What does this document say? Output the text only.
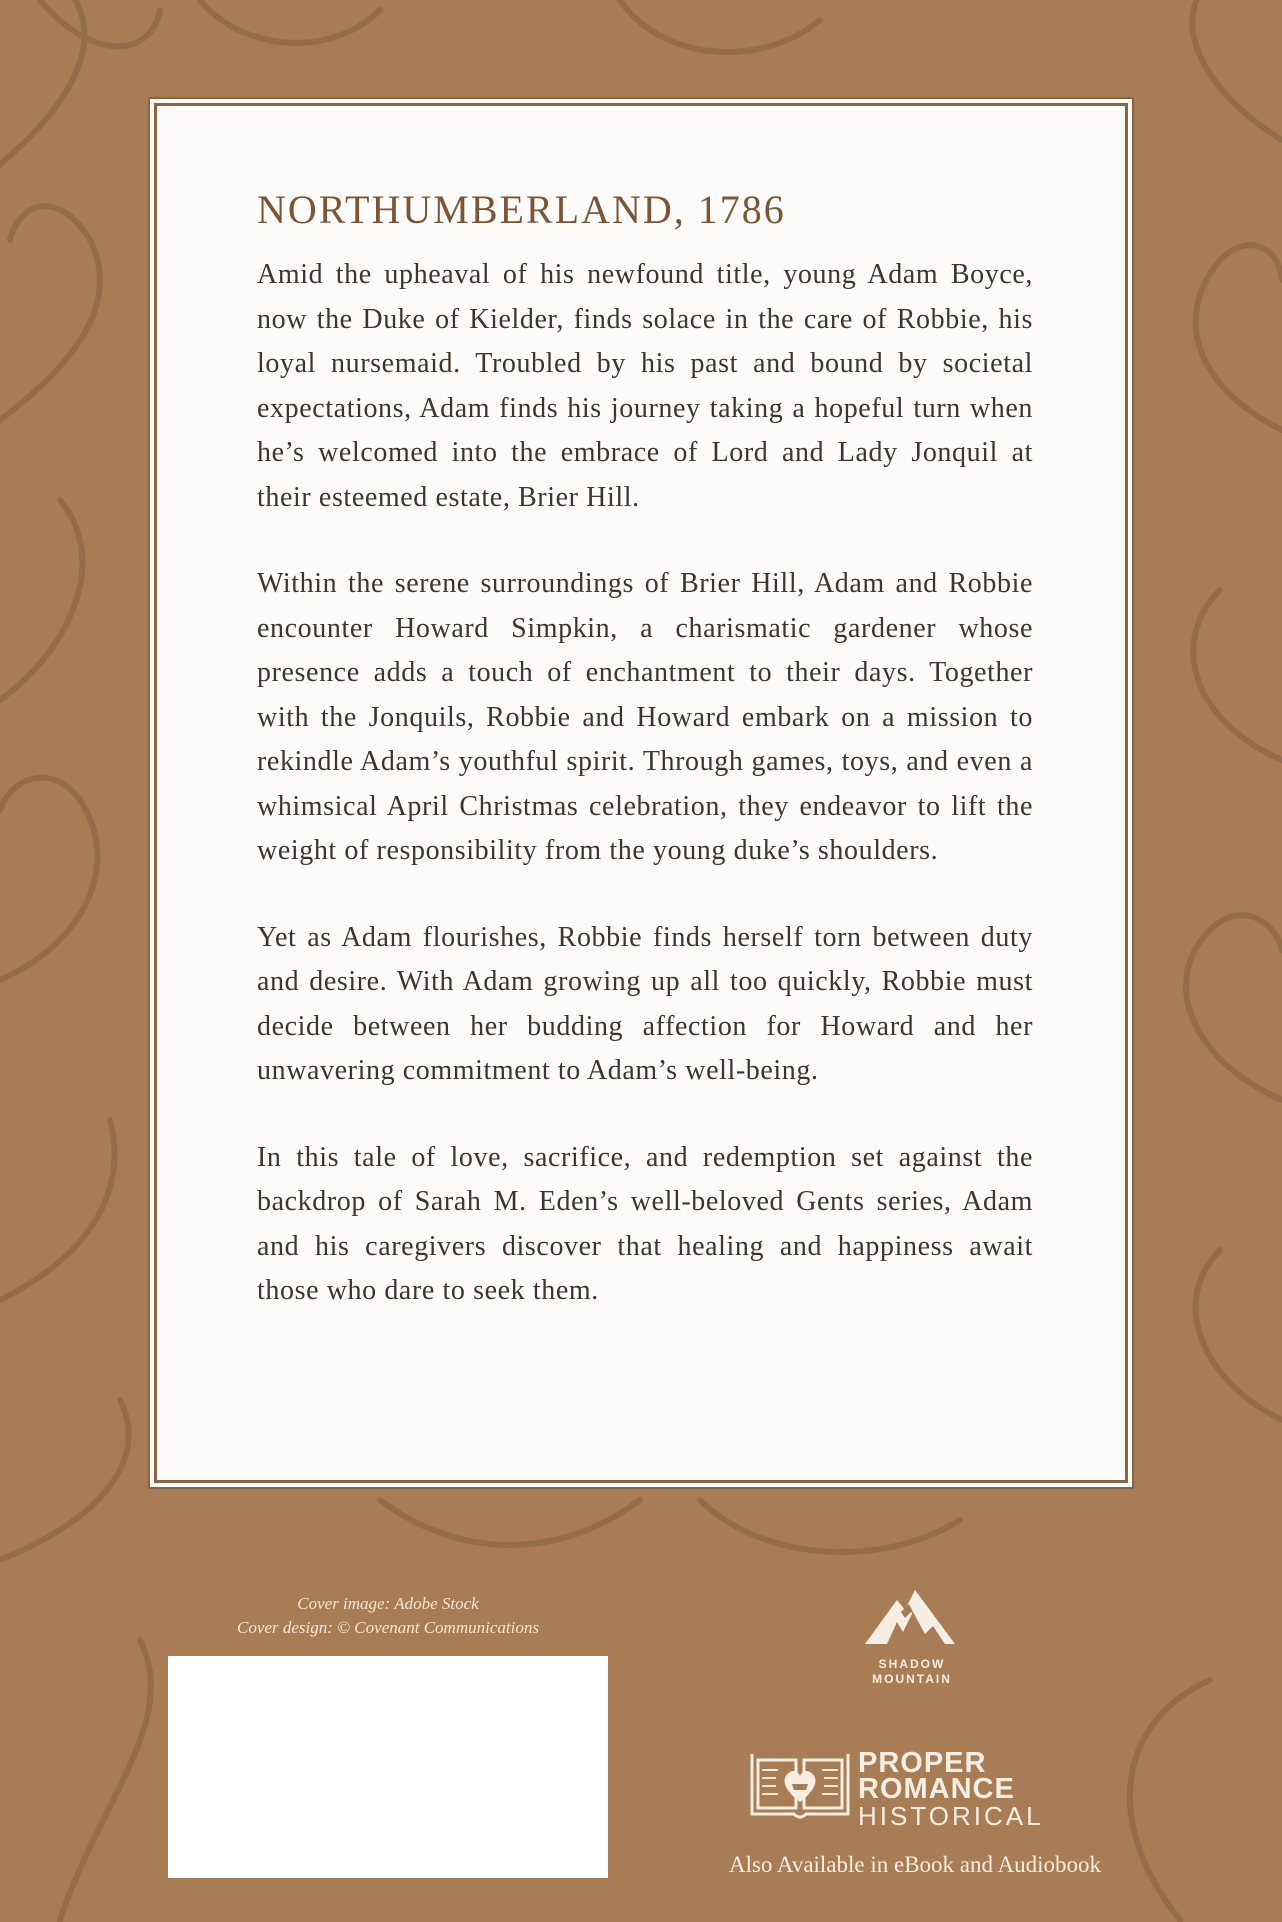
NORTHUMBERLAND, 1786

Amid the upheaval of his newfound title, young Adam Boyce, now the Duke of Kielder, finds solace in the care of Robbie, his loyal nursemaid. Troubled by his past and bound by societal expectations, Adam finds his journey taking a hopeful turn when he’s welcomed into the embrace of Lord and Lady Jonquil at their esteemed estate, Brier Hill.

Within the serene surroundings of Brier Hill, Adam and Robbie encounter Howard Simpkin, a charismatic gardener whose presence adds a touch of enchantment to their days. Together with the Jonquils, Robbie and Howard embark on a mission to rekindle Adam’s youthful spirit. Through games, toys, and even a whimsical April Christmas celebration, they endeavor to lift the weight of responsibility from the young duke’s shoulders.

Yet as Adam flourishes, Robbie finds herself torn between duty and desire. With Adam growing up all too quickly, Robbie must decide between her budding affection for Howard and her unwavering commitment to Adam’s well-being.

In this tale of love, sacrifice, and redemption set against the backdrop of Sarah M. Eden’s well-beloved Gents series, Adam and his caregivers discover that healing and happiness await those who dare to seek them.

Cover image: Adobe Stock
Cover design: © Covenant Communications
SHADOW
MOUNTAIN
PROPER
ROMANCE
HISTORICAL
Also Available in eBook and Audiobook
